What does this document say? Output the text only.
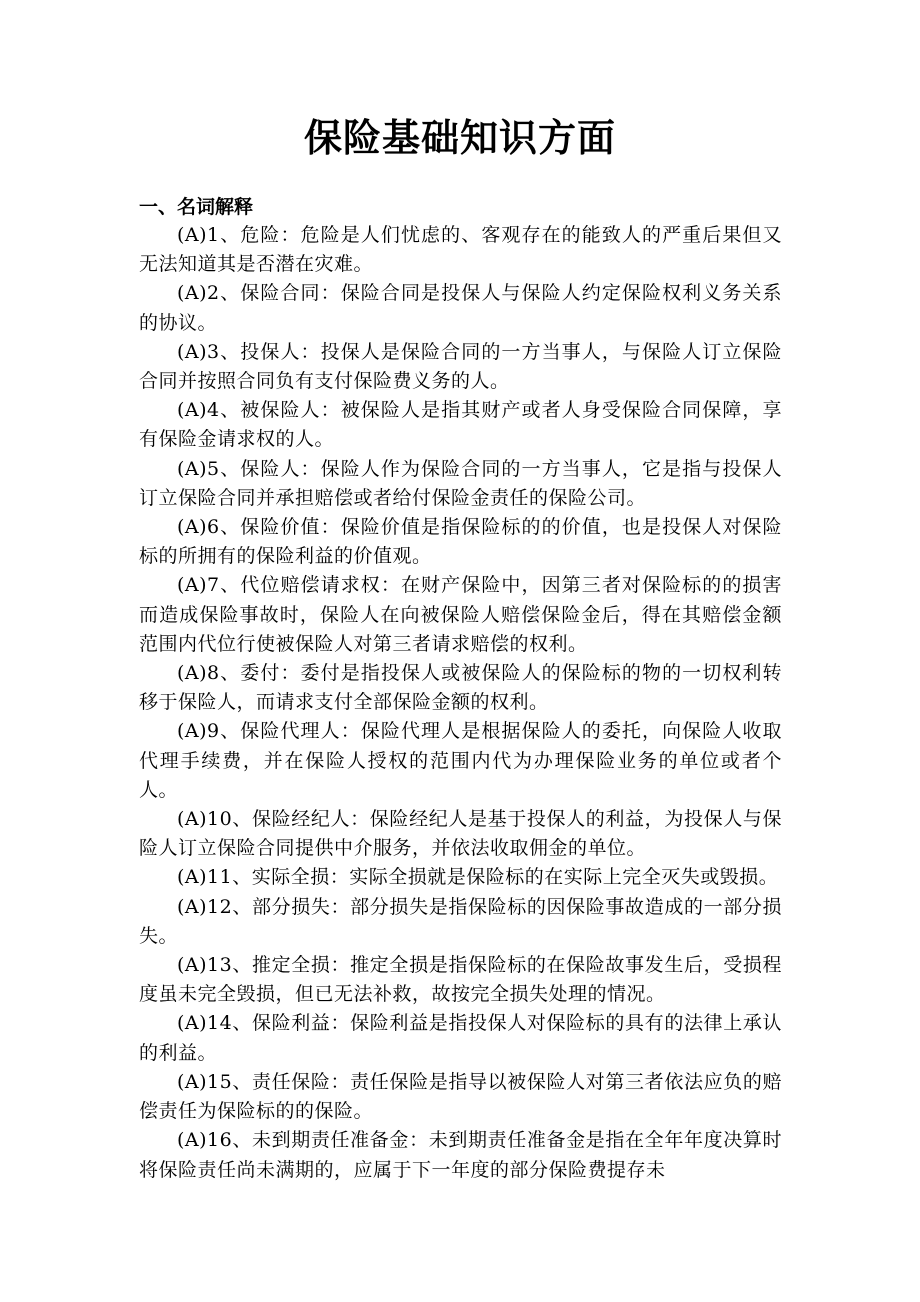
保险基础知识方面
一、名词解释

(A)1、危险：危险是人们忧虑的、客观存在的能致人的严重后果但又无法知道其是否潜在灾难。

(A)2、保险合同：保险合同是投保人与保险人约定保险权利义务关系的协议。

(A)3、投保人：投保人是保险合同的一方当事人，与保险人订立保险合同并按照合同负有支付保险费义务的人。

(A)4、被保险人：被保险人是指其财产或者人身受保险合同保障，享有保险金请求权的人。

(A)5、保险人：保险人作为保险合同的一方当事人，它是指与投保人订立保险合同并承担赔偿或者给付保险金责任的保险公司。

(A)6、保险价值：保险价值是指保险标的的价值，也是投保人对保险标的所拥有的保险利益的价值观。

(A)7、代位赔偿请求权：在财产保险中，因第三者对保险标的的损害而造成保险事故时，保险人在向被保险人赔偿保险金后，得在其赔偿金额范围内代位行使被保险人对第三者请求赔偿的权利。

(A)8、委付：委付是指投保人或被保险人的保险标的物的一切权利转移于保险人，而请求支付全部保险金额的权利。

(A)9、保险代理人：保险代理人是根据保险人的委托，向保险人收取代理手续费，并在保险人授权的范围内代为办理保险业务的单位或者个人。

(A)10、保险经纪人：保险经纪人是基于投保人的利益，为投保人与保险人订立保险合同提供中介服务，并依法收取佣金的单位。

(A)11、实际全损：实际全损就是保险标的在实际上完全灭失或毁损。

(A)12、部分损失：部分损失是指保险标的因保险事故造成的一部分损失。

(A)13、推定全损：推定全损是指保险标的在保险故事发生后，受损程度虽未完全毁损，但已无法补救，故按完全损失处理的情况。

(A)14、保险利益：保险利益是指投保人对保险标的具有的法律上承认的利益。

(A)15、责任保险：责任保险是指导以被保险人对第三者依法应负的赔偿责任为保险标的的保险。

(A)16、未到期责任准备金：未到期责任准备金是指在全年年度决算时将保险责任尚未满期的，应属于下一年度的部分保险费提存未
